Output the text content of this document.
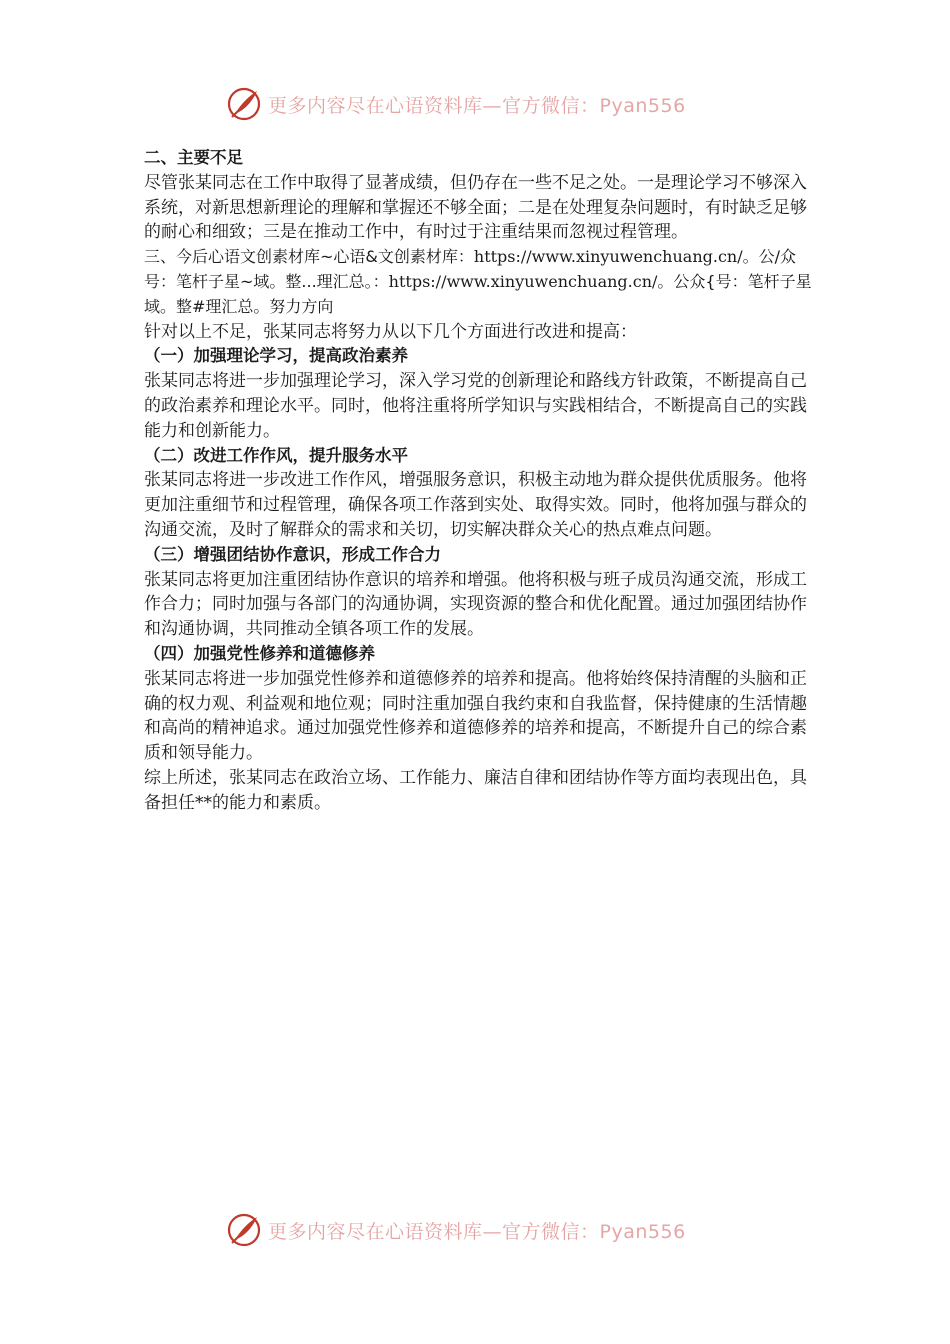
更多内容尽在心语资料库—官方微信：Pyan556

二、主要不足

尽管张某同志在工作中取得了显著成绩，但仍存在一些不足之处。一是理论学习不够深入系统，对新思想新理论的理解和掌握还不够全面；二是在处理复杂问题时，有时缺乏足够的耐心和细致；三是在推动工作中，有时过于注重结果而忽视过程管理。

三、今后心语文创素材库~心语&文创素材库：https://www.xinyuwenchuang.cn/。公/众号：笔杆子星~域。整...理汇总。：https://www.xinyuwenchuang.cn/。公众{号：笔杆子星域。整#理汇总。努力方向

针对以上不足，张某同志将努力从以下几个方面进行改进和提高：

（一）加强理论学习，提高政治素养

张某同志将进一步加强理论学习，深入学习党的创新理论和路线方针政策，不断提高自己的政治素养和理论水平。同时，他将注重将所学知识与实践相结合，不断提高自己的实践能力和创新能力。

（二）改进工作作风，提升服务水平

张某同志将进一步改进工作作风，增强服务意识，积极主动地为群众提供优质服务。他将更加注重细节和过程管理，确保各项工作落到实处、取得实效。同时，他将加强与群众的沟通交流，及时了解群众的需求和关切，切实解决群众关心的热点难点问题。

（三）增强团结协作意识，形成工作合力

张某同志将更加注重团结协作意识的培养和增强。他将积极与班子成员沟通交流，形成工作合力；同时加强与各部门的沟通协调，实现资源的整合和优化配置。通过加强团结协作和沟通协调，共同推动全镇各项工作的发展。

（四）加强党性修养和道德修养

张某同志将进一步加强党性修养和道德修养的培养和提高。他将始终保持清醒的头脑和正确的权力观、利益观和地位观；同时注重加强自我约束和自我监督，保持健康的生活情趣和高尚的精神追求。通过加强党性修养和道德修养的培养和提高，不断提升自己的综合素质和领导能力。

综上所述，张某同志在政治立场、工作能力、廉洁自律和团结协作等方面均表现出色，具备担任**的能力和素质。

更多内容尽在心语资料库—官方微信：Pyan556
